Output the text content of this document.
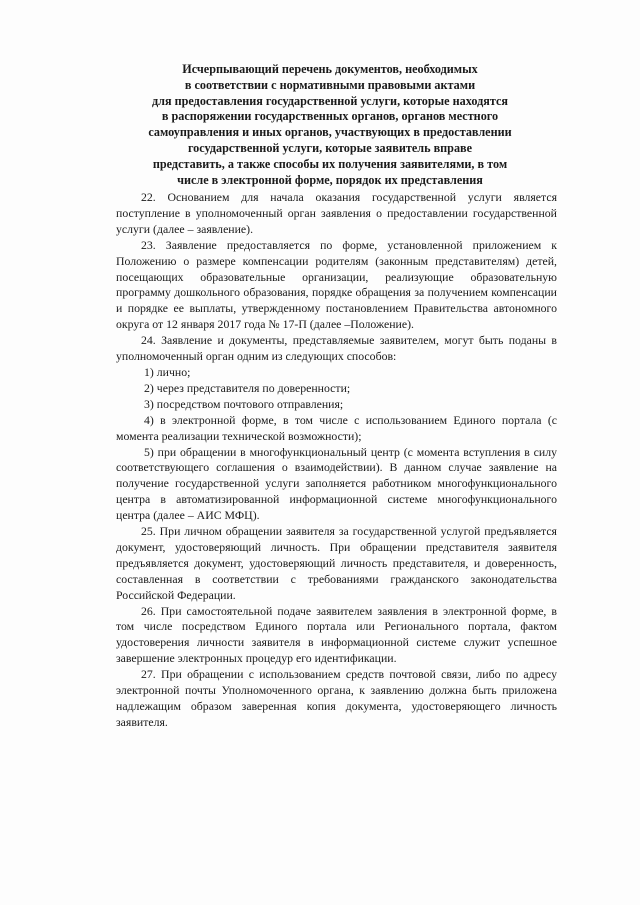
Исчерпывающий перечень документов, необходимых
в соответствии с нормативными правовыми актами
для предоставления государственной услуги, которые находятся
в распоряжении государственных органов, органов местного
самоуправления и иных органов, участвующих в предоставлении
государственной услуги, которые заявитель вправе
представить, а также способы их получения заявителями, в том
числе в электронной форме, порядок их представления

22. Основанием для начала оказания государственной услуги является поступление в уполномоченный орган заявления о предоставлении государственной услуги (далее – заявление).

23. Заявление предоставляется по форме, установленной приложением к Положению о размере компенсации родителям (законным представителям) детей, посещающих образовательные организации, реализующие образовательную программу дошкольного образования, порядке обращения за получением компенсации и порядке ее выплаты, утвержденному постановлением Правительства автономного округа от 12 января 2017 года № 17-П (далее –Положение).

24. Заявление и документы, представляемые заявителем, могут быть поданы в уполномоченный орган одним из следующих способов:

1) лично;

2) через представителя по доверенности;

3) посредством почтового отправления;

4) в электронной форме, в том числе с использованием Единого портала (с момента реализации технической возможности);

5) при обращении в многофункциональный центр (с момента вступления в силу соответствующего соглашения о взаимодействии). В данном случае заявление на получение государственной услуги заполняется работником многофункционального центра в автоматизированной информационной системе многофункционального центра (далее – АИС МФЦ).

25. При личном обращении заявителя за государственной услугой предъявляется документ, удостоверяющий личность. При обращении представителя заявителя предъявляется документ, удостоверяющий личность представителя, и доверенность, составленная в соответствии с требованиями гражданского законодательства Российской Федерации.

26. При самостоятельной подаче заявителем заявления в электронной форме, в том числе посредством Единого портала или Регионального портала, фактом удостоверения личности заявителя в информационной системе служит успешное завершение электронных процедур его идентификации.

27. При обращении с использованием средств почтовой связи, либо по адресу электронной почты Уполномоченного органа, к заявлению должна быть приложена надлежащим образом заверенная копия документа, удостоверяющего личность заявителя.
